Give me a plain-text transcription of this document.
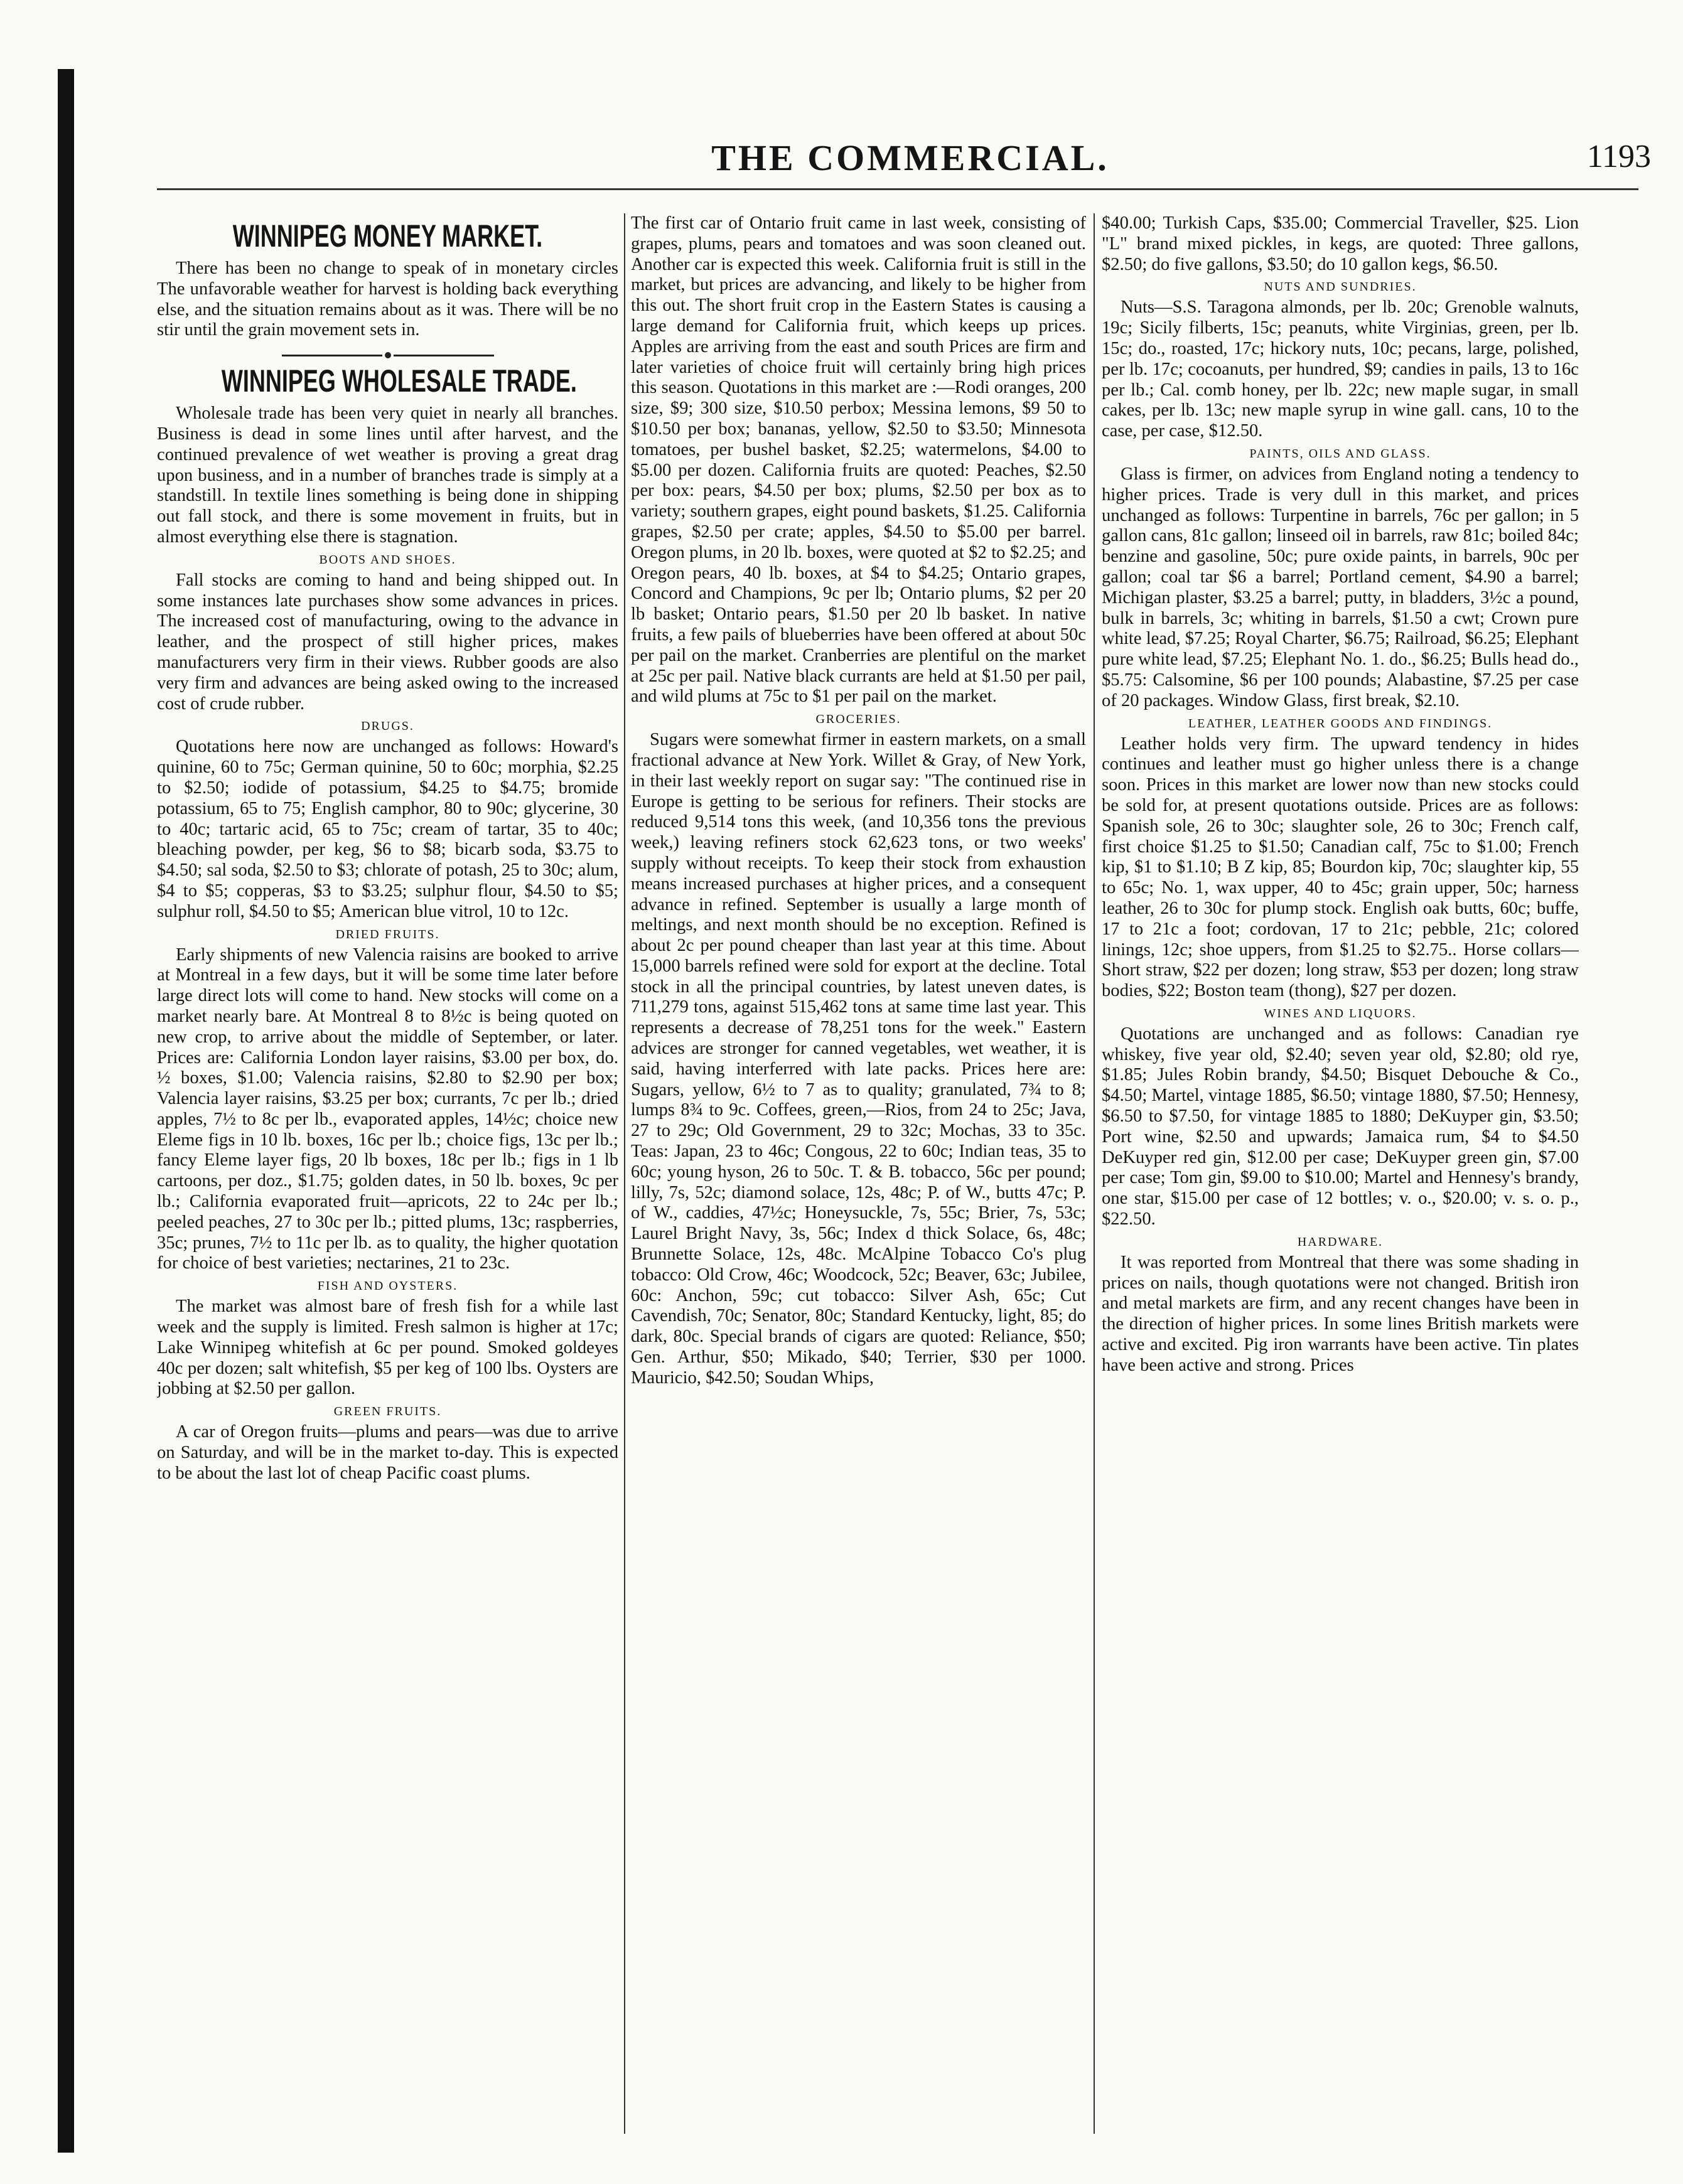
THE COMMERCIAL.	1193
WINNIPEG MONEY MARKET.

There has been no change to speak of in monetary circles The unfavorable weather for harvest is holding back everything else, and the situation remains about as it was. There will be no stir until the grain movement sets in.

WINNIPEG WHOLESALE TRADE.

Wholesale trade has been very quiet in nearly all branches. Business is dead in some lines until after harvest, and the continued prevalence of wet weather is proving a great drag upon business, and in a number of branches trade is simply at a standstill. In textile lines something is being done in shipping out fall stock, and there is some movement in fruits, but in almost everything else there is stagnation.

BOOTS AND SHOES.

Fall stocks are coming to hand and being shipped out. In some instances late purchases show some advances in prices. The increased cost of manufacturing, owing to the advance in leather, and the prospect of still higher prices, makes manufacturers very firm in their views. Rubber goods are also very firm and advances are being asked owing to the increased cost of crude rubber.

DRUGS.

Quotations here now are unchanged as follows: Howard's quinine, 60 to 75c; German quinine, 50 to 60c; morphia, $2.25 to $2.50; iodide of potassium, $4.25 to $4.75; bromide potassium, 65 to 75; English camphor, 80 to 90c; glycerine, 30 to 40c; tartaric acid, 65 to 75c; cream of tartar, 35 to 40c; bleaching powder, per keg, $6 to $8; bicarb soda, $3.75 to $4.50; sal soda, $2.50 to $3; chlorate of potash, 25 to 30c; alum, $4 to $5; copperas, $3 to $3.25; sulphur flour, $4.50 to $5; sulphur roll, $4.50 to $5; American blue vitrol, 10 to 12c.

DRIED FRUITS.

Early shipments of new Valencia raisins are booked to arrive at Montreal in a few days, but it will be some time later before large direct lots will come to hand. New stocks will come on a market nearly bare. At Montreal 8 to 8½c is being quoted on new crop, to arrive about the middle of September, or later. Prices are: California London layer raisins, $3.00 per box, do. ½ boxes, $1.00; Valencia raisins, $2.80 to $2.90 per box; Valencia layer raisins, $3.25 per box; currants, 7c per lb.; dried apples, 7½ to 8c per lb., evaporated apples, 14½c; choice new Eleme figs in 10 lb. boxes, 16c per lb.; choice figs, 13c per lb.; fancy Eleme layer figs, 20 lb boxes, 18c per lb.; figs in 1 lb cartoons, per doz., $1.75; golden dates, in 50 lb. boxes, 9c per lb.; California evaporated fruit—apricots, 22 to 24c per lb.; peeled peaches, 27 to 30c per lb.; pitted plums, 13c; raspberries, 35c; prunes, 7½ to 11c per lb. as to quality, the higher quotation for choice of best varieties; nectarines, 21 to 23c.

FISH AND OYSTERS.

The market was almost bare of fresh fish for a while last week and the supply is limited. Fresh salmon is higher at 17c; Lake Winnipeg whitefish at 6c per pound. Smoked goldeyes 40c per dozen; salt whitefish, $5 per keg of 100 lbs. Oysters are jobbing at $2.50 per gallon.

GREEN FRUITS.

A car of Oregon fruits—plums and pears—was due to arrive on Saturday, and will be in the market to-day. This is expected to be about the last lot of cheap Pacific coast plums.

The first car of Ontario fruit came in last week, consisting of grapes, plums, pears and tomatoes and was soon cleaned out. Another car is expected this week. California fruit is still in the market, but prices are advancing, and likely to be higher from this out. The short fruit crop in the Eastern States is causing a large demand for California fruit, which keeps up prices. Apples are arriving from the east and south Prices are firm and later varieties of choice fruit will certainly bring high prices this season. Quotations in this market are :—Rodi oranges, 200 size, $9; 300 size, $10.50 perbox; Messina lemons, $9 50 to $10.50 per box; bananas, yellow, $2.50 to $3.50; Minnesota tomatoes, per bushel basket, $2.25; watermelons, $4.00 to $5.00 per dozen. California fruits are quoted: Peaches, $2.50 per box: pears, $4.50 per box; plums, $2.50 per box as to variety; southern grapes, eight pound baskets, $1.25. California grapes, $2.50 per crate; apples, $4.50 to $5.00 per barrel. Oregon plums, in 20 lb. boxes, were quoted at $2 to $2.25; and Oregon pears, 40 lb. boxes, at $4 to $4.25; Ontario grapes, Concord and Champions, 9c per lb; Ontario plums, $2 per 20 lb basket; Ontario pears, $1.50 per 20 lb basket. In native fruits, a few pails of blueberries have been offered at about 50c per pail on the market. Cranberries are plentiful on the market at 25c per pail. Native black currants are held at $1.50 per pail, and wild plums at 75c to $1 per pail on the market.

GROCERIES.

Sugars were somewhat firmer in eastern markets, on a small fractional advance at New York. Willet & Gray, of New York, in their last weekly report on sugar say: "The continued rise in Europe is getting to be serious for refiners. Their stocks are reduced 9,514 tons this week, (and 10,356 tons the previous week,) leaving refiners stock 62,623 tons, or two weeks' supply without receipts. To keep their stock from exhaustion means increased purchases at higher prices, and a consequent advance in refined. September is usually a large month of meltings, and next month should be no exception. Refined is about 2c per pound cheaper than last year at this time. About 15,000 barrels refined were sold for export at the decline. Total stock in all the principal countries, by latest uneven dates, is 711,279 tons, against 515,462 tons at same time last year. This represents a decrease of 78,251 tons for the week." Eastern advices are stronger for canned vegetables, wet weather, it is said, having interferred with late packs. Prices here are: Sugars, yellow, 6½ to 7 as to quality; granulated, 7¾ to 8; lumps 8¾ to 9c. Coffees, green,—Rios, from 24 to 25c; Java, 27 to 29c; Old Government, 29 to 32c; Mochas, 33 to 35c. Teas: Japan, 23 to 46c; Congous, 22 to 60c; Indian teas, 35 to 60c; young hyson, 26 to 50c. T. & B. tobacco, 56c per pound; lilly, 7s, 52c; diamond solace, 12s, 48c; P. of W., butts 47c; P. of W., caddies, 47½c; Honeysuckle, 7s, 55c; Brier, 7s, 53c; Laurel Bright Navy, 3s, 56c; Index d thick Solace, 6s, 48c; Brunnette Solace, 12s, 48c. McAlpine Tobacco Co's plug tobacco: Old Crow, 46c; Woodcock, 52c; Beaver, 63c; Jubilee, 60c: Anchon, 59c; cut tobacco: Silver Ash, 65c; Cut Cavendish, 70c; Senator, 80c; Standard Kentucky, light, 85; do dark, 80c. Special brands of cigars are quoted: Reliance, $50; Gen. Arthur, $50; Mikado, $40; Terrier, $30 per 1000. Mauricio, $42.50; Soudan Whips,

$40.00; Turkish Caps, $35.00; Commercial Traveller, $25. Lion "L" brand mixed pickles, in kegs, are quoted: Three gallons, $2.50; do five gallons, $3.50; do 10 gallon kegs, $6.50.

NUTS AND SUNDRIES.

Nuts—S.S. Taragona almonds, per lb. 20c; Grenoble walnuts, 19c; Sicily filberts, 15c; peanuts, white Virginias, green, per lb. 15c; do., roasted, 17c; hickory nuts, 10c; pecans, large, polished, per lb. 17c; cocoanuts, per hundred, $9; candies in pails, 13 to 16c per lb.; Cal. comb honey, per lb. 22c; new maple sugar, in small cakes, per lb. 13c; new maple syrup in wine gall. cans, 10 to the case, per case, $12.50.

PAINTS, OILS AND GLASS.

Glass is firmer, on advices from England noting a tendency to higher prices. Trade is very dull in this market, and prices unchanged as follows: Turpentine in barrels, 76c per gallon; in 5 gallon cans, 81c gallon; linseed oil in barrels, raw 81c; boiled 84c; benzine and gasoline, 50c; pure oxide paints, in barrels, 90c per gallon; coal tar $6 a barrel; Portland cement, $4.90 a barrel; Michigan plaster, $3.25 a barrel; putty, in bladders, 3½c a pound, bulk in barrels, 3c; whiting in barrels, $1.50 a cwt; Crown pure white lead, $7.25; Royal Charter, $6.75; Railroad, $6.25; Elephant pure white lead, $7.25; Elephant No. 1. do., $6.25; Bulls head do., $5.75: Calsomine, $6 per 100 pounds; Alabastine, $7.25 per case of 20 packages. Window Glass, first break, $2.10.

LEATHER, LEATHER GOODS AND FINDINGS.

Leather holds very firm. The upward tendency in hides continues and leather must go higher unless there is a change soon. Prices in this market are lower now than new stocks could be sold for, at present quotations outside. Prices are as follows: Spanish sole, 26 to 30c; slaughter sole, 26 to 30c; French calf, first choice $1.25 to $1.50; Canadian calf, 75c to $1.00; French kip, $1 to $1.10; B Z kip, 85; Bourdon kip, 70c; slaughter kip, 55 to 65c; No. 1, wax upper, 40 to 45c; grain upper, 50c; harness leather, 26 to 30c for plump stock. English oak butts, 60c; buffe, 17 to 21c a foot; cordovan, 17 to 21c; pebble, 21c; colored linings, 12c; shoe uppers, from $1.25 to $2.75.. Horse collars—Short straw, $22 per dozen; long straw, $53 per dozen; long straw bodies, $22; Boston team (thong), $27 per dozen.

WINES AND LIQUORS.

Quotations are unchanged and as follows: Canadian rye whiskey, five year old, $2.40; seven year old, $2.80; old rye, $1.85; Jules Robin brandy, $4.50; Bisquet Debouche & Co., $4.50; Martel, vintage 1885, $6.50; vintage 1880, $7.50; Hennesy, $6.50 to $7.50, for vintage 1885 to 1880; DeKuyper gin, $3.50; Port wine, $2.50 and upwards; Jamaica rum, $4 to $4.50 DeKuyper red gin, $12.00 per case; DeKuyper green gin, $7.00 per case; Tom gin, $9.00 to $10.00; Martel and Hennesy's brandy, one star, $15.00 per case of 12 bottles; v. o., $20.00; v. s. o. p., $22.50.

HARDWARE.

It was reported from Montreal that there was some shading in prices on nails, though quotations were not changed. British iron and metal markets are firm, and any recent changes have been in the direction of higher prices. In some lines British markets were active and excited. Pig iron warrants have been active. Tin plates have been active and strong. Prices
